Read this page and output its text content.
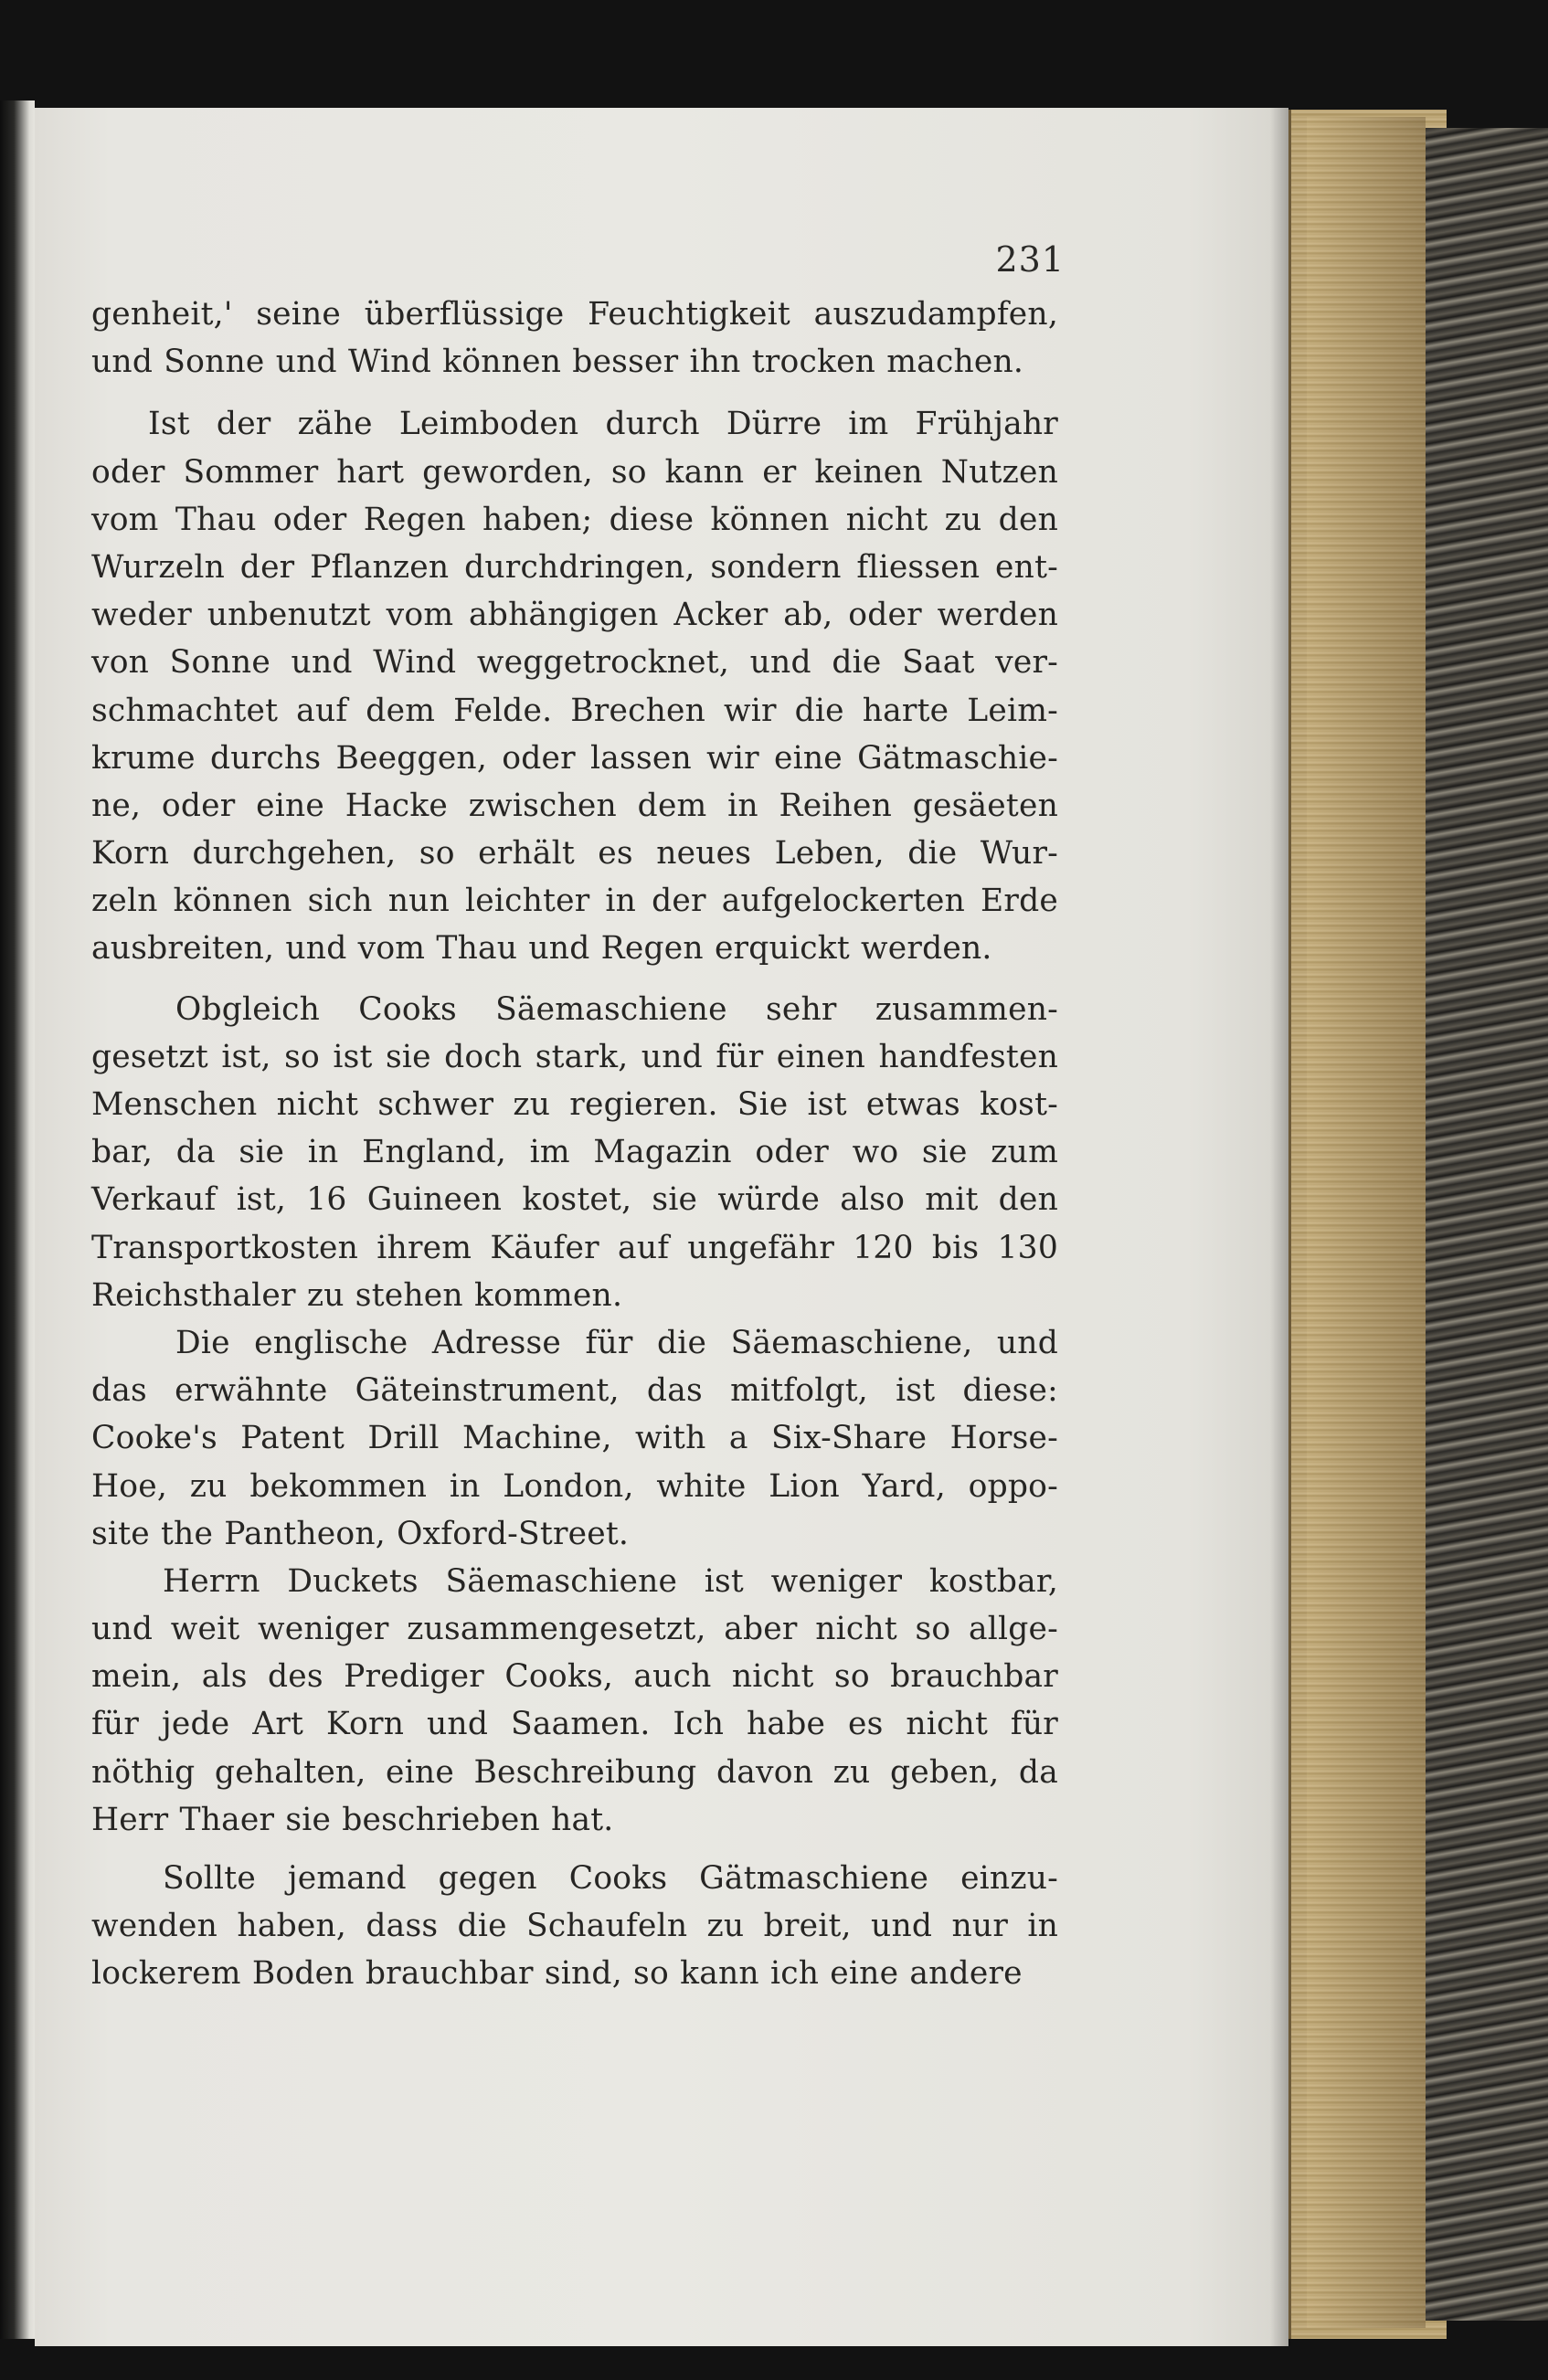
231
genheit,' seine überflüssige Feuchtigkeit auszudampfen,
und Sonne und Wind können besser ihn trocken machen.
Ist der zähe Leimboden durch Dürre im Frühjahr
oder Sommer hart geworden, so kann er keinen Nutzen
vom Thau oder Regen haben; diese können nicht zu den
Wurzeln der Pflanzen durchdringen, sondern fliessen ent-
weder unbenutzt vom abhängigen Acker ab, oder werden
von Sonne und Wind weggetrocknet, und die Saat ver-
schmachtet auf dem Felde. Brechen wir die harte Leim-
krume durchs Beeggen, oder lassen wir eine Gätmaschie-
ne, oder eine Hacke zwischen dem in Reihen gesäeten
Korn durchgehen, so erhält es neues Leben, die Wur-
zeln können sich nun leichter in der aufgelockerten Erde
ausbreiten, und vom Thau und Regen erquickt werden.
Obgleich Cooks Säemaschiene sehr zusammen-
gesetzt ist, so ist sie doch stark, und für einen handfesten
Menschen nicht schwer zu regieren. Sie ist etwas kost-
bar, da sie in England, im Magazin oder wo sie zum
Verkauf ist, 16 Guineen kostet, sie würde also mit den
Transportkosten ihrem Käufer auf ungefähr 120 bis 130
Reichsthaler zu stehen kommen.
Die englische Adresse für die Säemaschiene, und
das erwähnte Gäteinstrument, das mitfolgt, ist diese:
Cooke's Patent Drill Machine, with a Six-Share Horse-
Hoe, zu bekommen in London, white Lion Yard, oppo-
site the Pantheon, Oxford-Street.
Herrn Duckets Säemaschiene ist weniger kostbar,
und weit weniger zusammengesetzt, aber nicht so allge-
mein, als des Prediger Cooks, auch nicht so brauchbar
für jede Art Korn und Saamen. Ich habe es nicht für
nöthig gehalten, eine Beschreibung davon zu geben, da
Herr Thaer sie beschrieben hat.
Sollte jemand gegen Cooks Gätmaschiene einzu-
wenden haben, dass die Schaufeln zu breit, und nur in
lockerem Boden brauchbar sind, so kann ich eine andere
